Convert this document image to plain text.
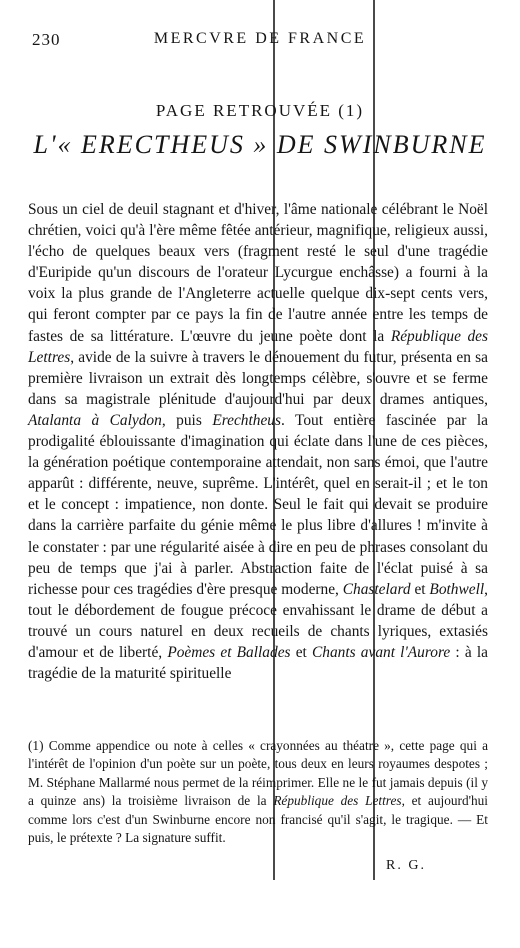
230	MERCVRE DE FRANCE
PAGE RETROUVÉE (1)
L'« ERECTHEUS » DE SWINBURNE

Sous un ciel de deuil stagnant et d'hiver, l'âme nationale célébrant le Noël chrétien, voici qu'à l'ère même fêtée antérieur, magnifique, religieux aussi, l'écho de quelques beaux vers (fragment resté le seul d'une tragédie d'Euripide qu'un discours de l'orateur Lycurgue enchâsse) a fourni à la voix la plus grande de l'Angleterre actuelle quelque dix-sept cents vers, qui feront compter par ce pays la fin de l'autre année entre les temps de fastes de sa littérature. L'œuvre du jeune poète dont la République des Lettres, avide de la suivre à travers le dénouement du futur, présenta en sa première livraison un extrait dès longtemps célèbre, s'ouvre et se ferme dans sa magistrale plénitude d'aujourd'hui par deux drames antiques, Atalanta à Calydon, puis Erechtheus. Tout entière fascinée par la prodigalité éblouissante d'imagination qui éclate dans l'une de ces pièces, la génération poétique contemporaine attendait, non sans émoi, que l'autre apparût : différente, neuve, suprême. L'intérêt, quel en serait-il ; et le ton et le concept : impatience, non donte. Seul le fait qui devait se produire dans la carrière parfaite du génie même le plus libre d'allures ! m'invite à le constater : par une régularité aisée à dire en peu de phrases consolant du peu de temps que j'ai à parler. Abstraction faite de l'éclat puisé à sa richesse pour ces tragédies d'ère presque moderne, Chastelard et Bothwell, tout le débordement de fougue précoce envahissant le drame de début a trouvé un cours naturel en deux recueils de chants lyriques, extasiés d'amour et de liberté, Poèmes et Ballades et Chants avant l'Aurore : à la tragédie de la maturité spirituelle

(1) Comme appendice ou note à celles « crayonnées au théatre », cette page qui a l'intérêt de l'opinion d'un poète sur un poète, tous deux en leurs royaumes despotes ; M. Stéphane Mallarmé nous permet de la réimprimer. Elle ne le fut jamais depuis (il y a quinze ans) la troisième livraison de la République des Lettres, et aujourd'hui comme lors c'est d'un Swinburne encore non francisé qu'il s'agit, le tragique. — Et puis, le prétexte ? La signature suffit.

R. G.
